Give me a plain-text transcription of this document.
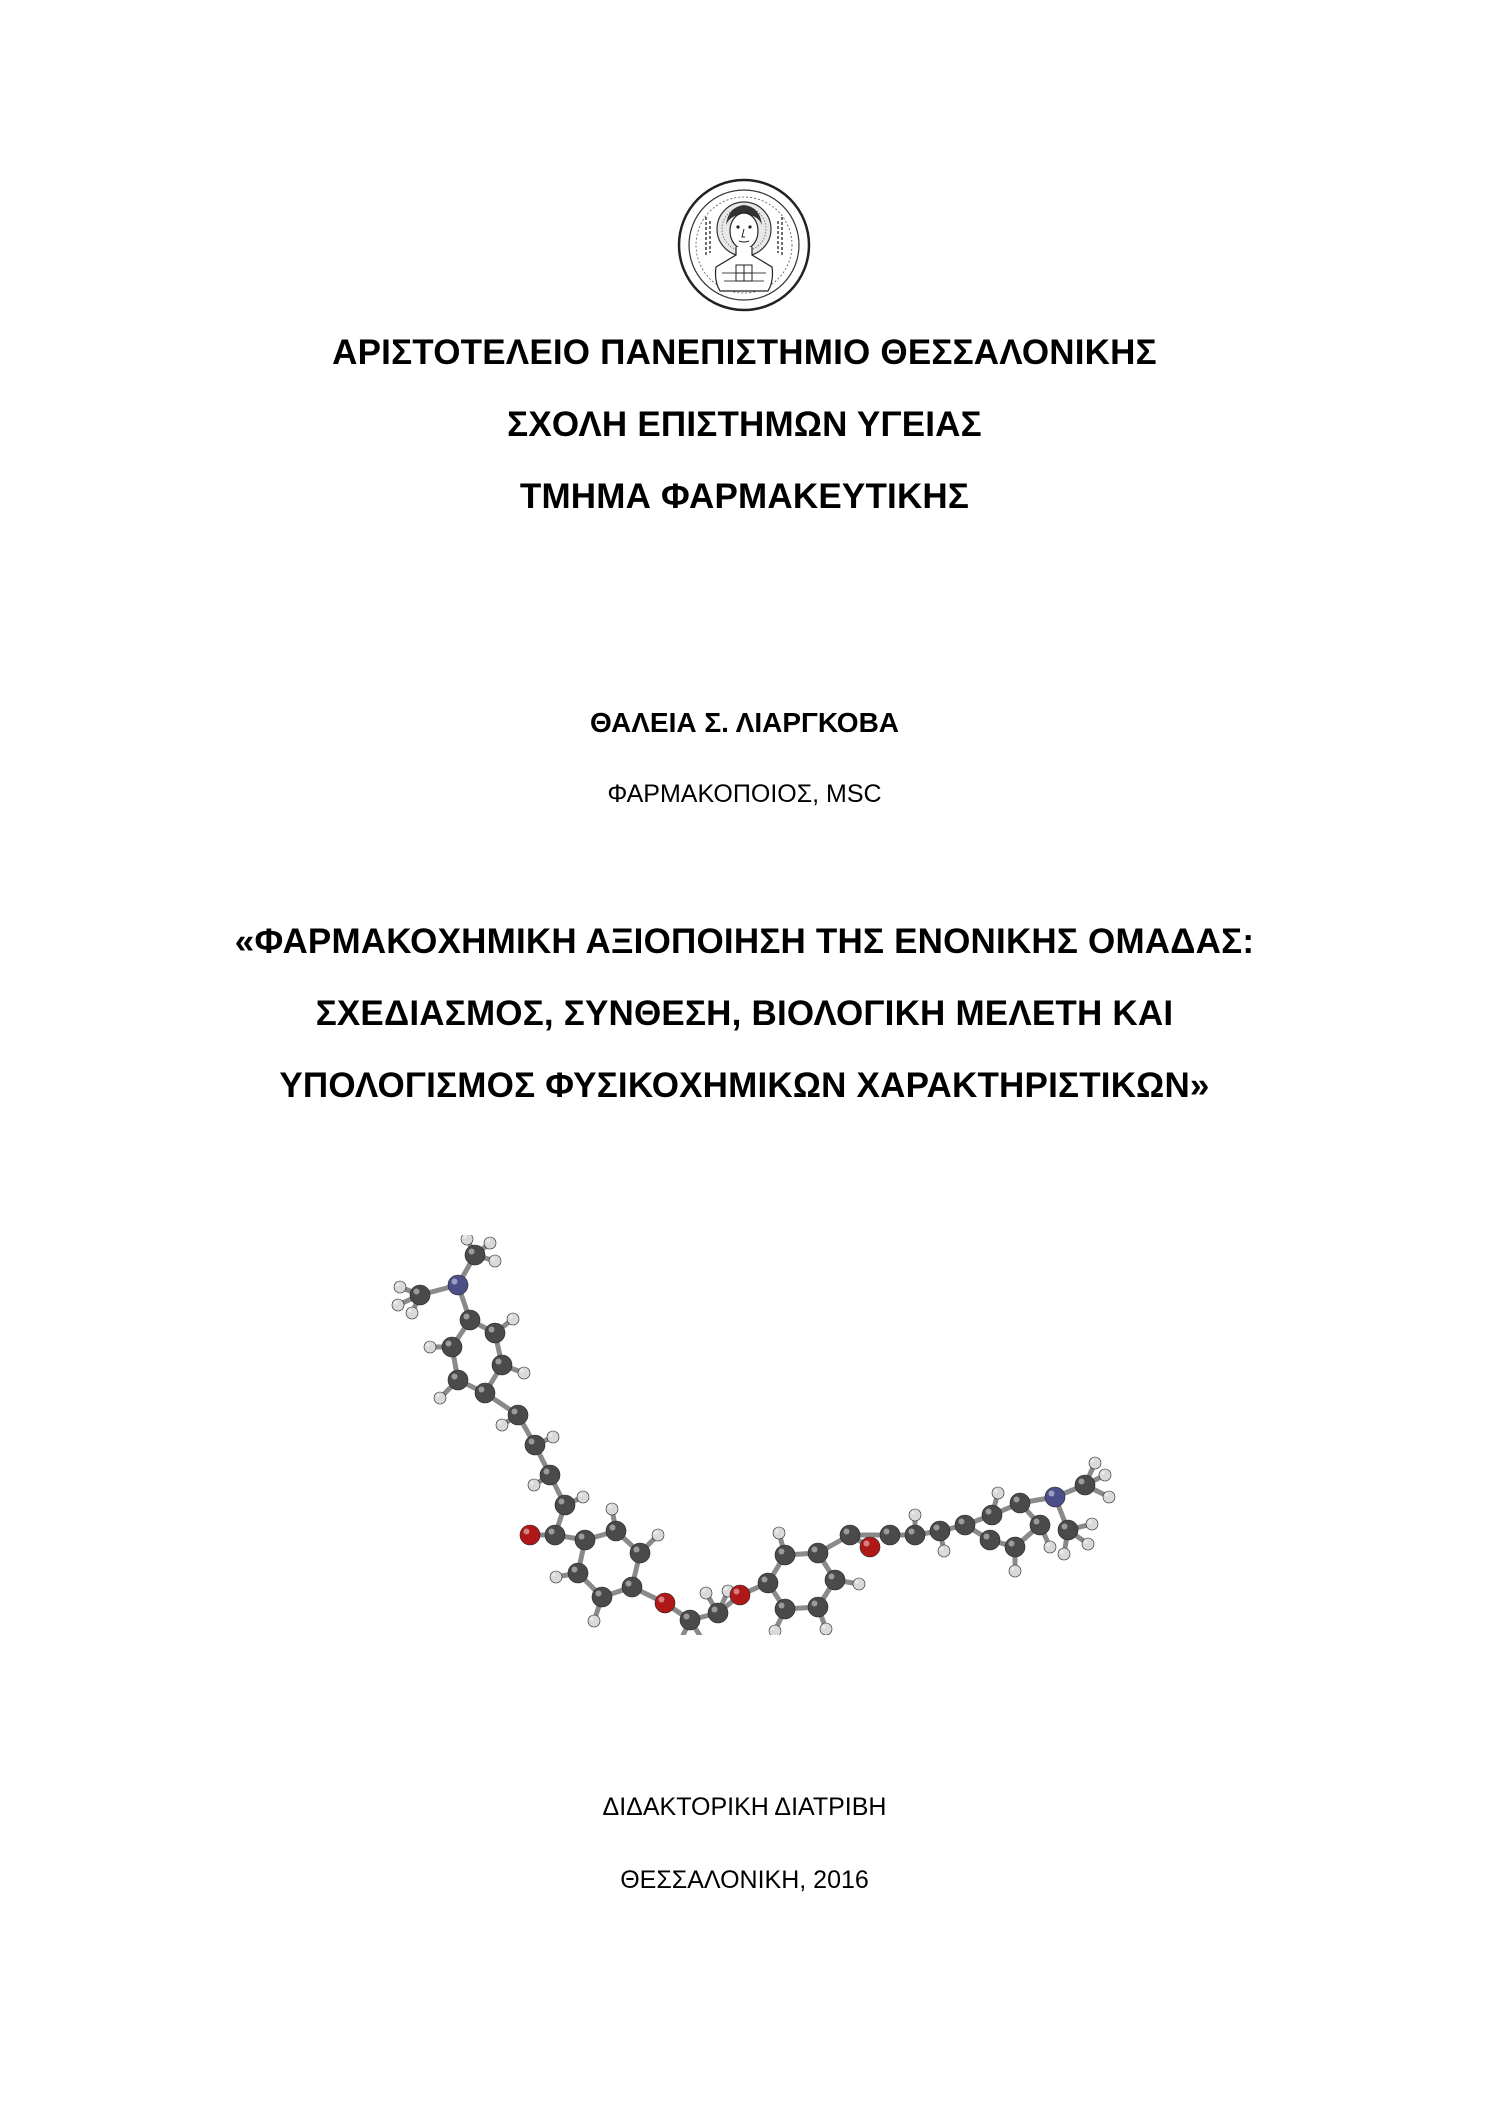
ΑΡΙΣΤΟΤΕΛΕΙΟ ΠΑΝΕΠΙΣΤΗΜΙΟ ΘΕΣΣΑΛΟΝΙΚΗΣ
ΣΧΟΛΗ ΕΠΙΣΤΗΜΩΝ ΥΓΕΙΑΣ
ΤΜΗΜΑ ΦΑΡΜΑΚΕΥΤΙΚΗΣ
ΘΑΛΕΙΑ Σ. ΛΙΑΡΓΚΟΒΑ
ΦΑΡΜΑΚΟΠΟΙΟΣ, MSC
«ΦΑΡΜΑΚΟΧΗΜΙΚΗ ΑΞΙΟΠΟΙΗΣΗ ΤΗΣ ΕΝΟΝΙΚΗΣ ΟΜΑΔΑΣ:
ΣΧΕΔΙΑΣΜΟΣ, ΣΥΝΘΕΣΗ, ΒΙΟΛΟΓΙΚΗ ΜΕΛΕΤΗ ΚΑΙ
ΥΠΟΛΟΓΙΣΜΟΣ ΦΥΣΙΚΟΧΗΜΙΚΩΝ ΧΑΡΑΚΤΗΡΙΣΤΙΚΩΝ»
ΔΙΔΑΚΤΟΡΙΚΗ ΔΙΑΤΡΙΒΗ
ΘΕΣΣΑΛΟΝΙΚΗ, 2016
